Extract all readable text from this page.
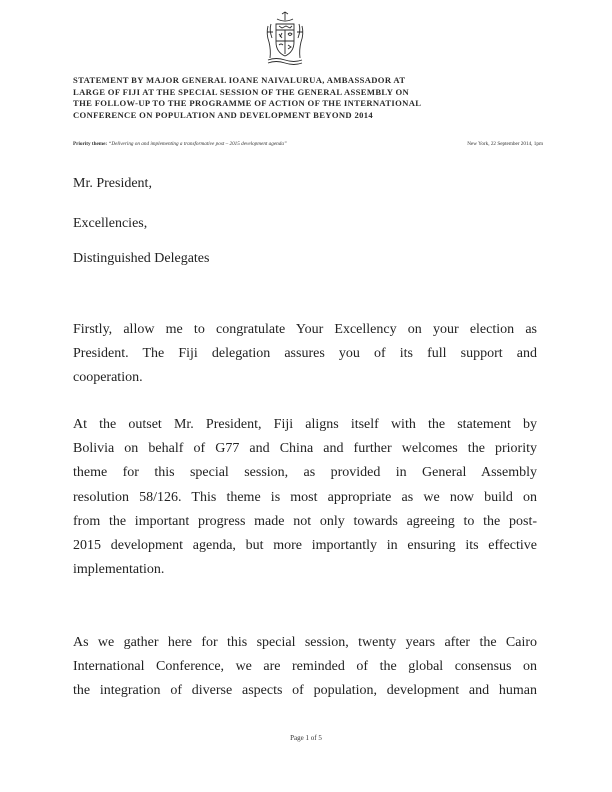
STATEMENT BY MAJOR GENERAL IOANE NAIVALURUA, AMBASSADOR AT
LARGE OF FIJI AT THE SPECIAL SESSION OF THE GENERAL ASSEMBLY ON
THE FOLLOW-UP TO THE PROGRAMME OF ACTION OF THE INTERNATIONAL
CONFERENCE ON POPULATION AND DEVELOPMENT BEYOND 2014
Priority theme: “Delivering on and implementing a transformative post – 2015 development agenda”	New York, 22 September 2014, 1pm
Mr. President,
Excellencies,
Distinguished Delegates
Firstly, allow me to congratulate Your Excellency on your election as
President. The Fiji delegation assures you of its full support and
cooperation.
At the outset Mr. President, Fiji aligns itself with the statement by
Bolivia on behalf of G77 and China and further welcomes the priority
theme for this special session, as provided in General Assembly
resolution 58/126. This theme is most appropriate as we now build on
from the important progress made not only towards agreeing to the post-
2015 development agenda, but more importantly in ensuring its effective
implementation.
As we gather here for this special session, twenty years after the Cairo
International Conference, we are reminded of the global consensus on
the integration of diverse aspects of population, development and human
Page 1 of 5
